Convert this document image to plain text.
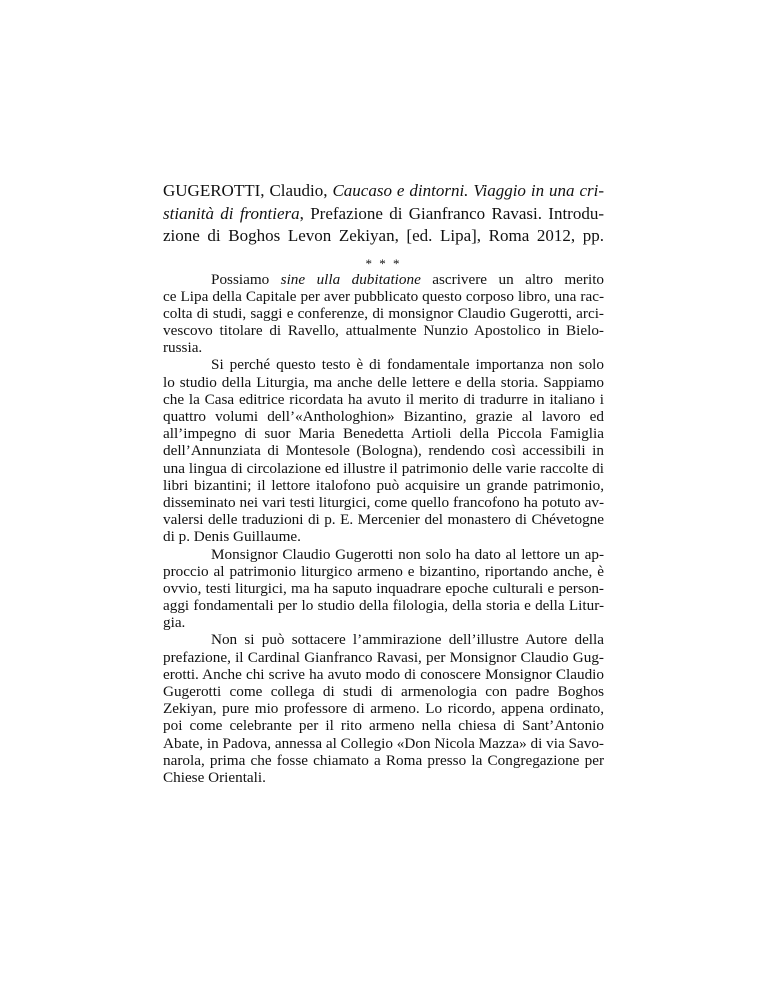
GUGEROTTI, Claudio, Caucaso e dintorni. Viaggio in una cri-
stianità di frontiera, Prefazione di Gianfranco Ravasi. Introdu-
zione di Boghos Levon Zekiyan, [ed. Lipa], Roma 2012, pp.
* * *
Possiamo sine ulla dubitatione ascrivere un altro merito
ce Lipa della Capitale per aver pubblicato questo corposo libro, una rac-
colta di studi, saggi e conferenze, di monsignor Claudio Gugerotti, arci-
vescovo titolare di Ravello, attualmente Nunzio Apostolico in Bielo-
russia.
Si perché questo testo è di fondamentale importanza non solo
lo studio della Liturgia, ma anche delle lettere e della storia. Sappiamo
che la Casa editrice ricordata ha avuto il merito di tradurre in italiano i
quattro volumi dell’«Anthologhion» Bizantino, grazie al lavoro ed
all’impegno di suor Maria Benedetta Artioli della Piccola Famiglia
dell’Annunziata di Montesole (Bologna), rendendo così accessibili in
una lingua di circolazione ed illustre il patrimonio delle varie raccolte di
libri bizantini; il lettore italofono può acquisire un grande patrimonio,
disseminato nei vari testi liturgici, come quello francofono ha potuto av-
valersi delle traduzioni di p. E. Mercenier del monastero di Chévetogne
di p. Denis Guillaume.
Monsignor Claudio Gugerotti non solo ha dato al lettore un ap-
proccio al patrimonio liturgico armeno e bizantino, riportando anche, è
ovvio, testi liturgici, ma ha saputo inquadrare epoche culturali e person-
aggi fondamentali per lo studio della filologia, della storia e della Litur-
gia.
Non si può sottacere l’ammirazione dell’illustre Autore della
prefazione, il Cardinal Gianfranco Ravasi, per Monsignor Claudio Gug-
erotti. Anche chi scrive ha avuto modo di conoscere Monsignor Claudio
Gugerotti come collega di studi di armenologia con padre Boghos
Zekiyan, pure mio professore di armeno. Lo ricordo, appena ordinato,
poi come celebrante per il rito armeno nella chiesa di Sant’Antonio
Abate, in Padova, annessa al Collegio «Don Nicola Mazza» di via Savo-
narola, prima che fosse chiamato a Roma presso la Congregazione per
Chiese Orientali.
